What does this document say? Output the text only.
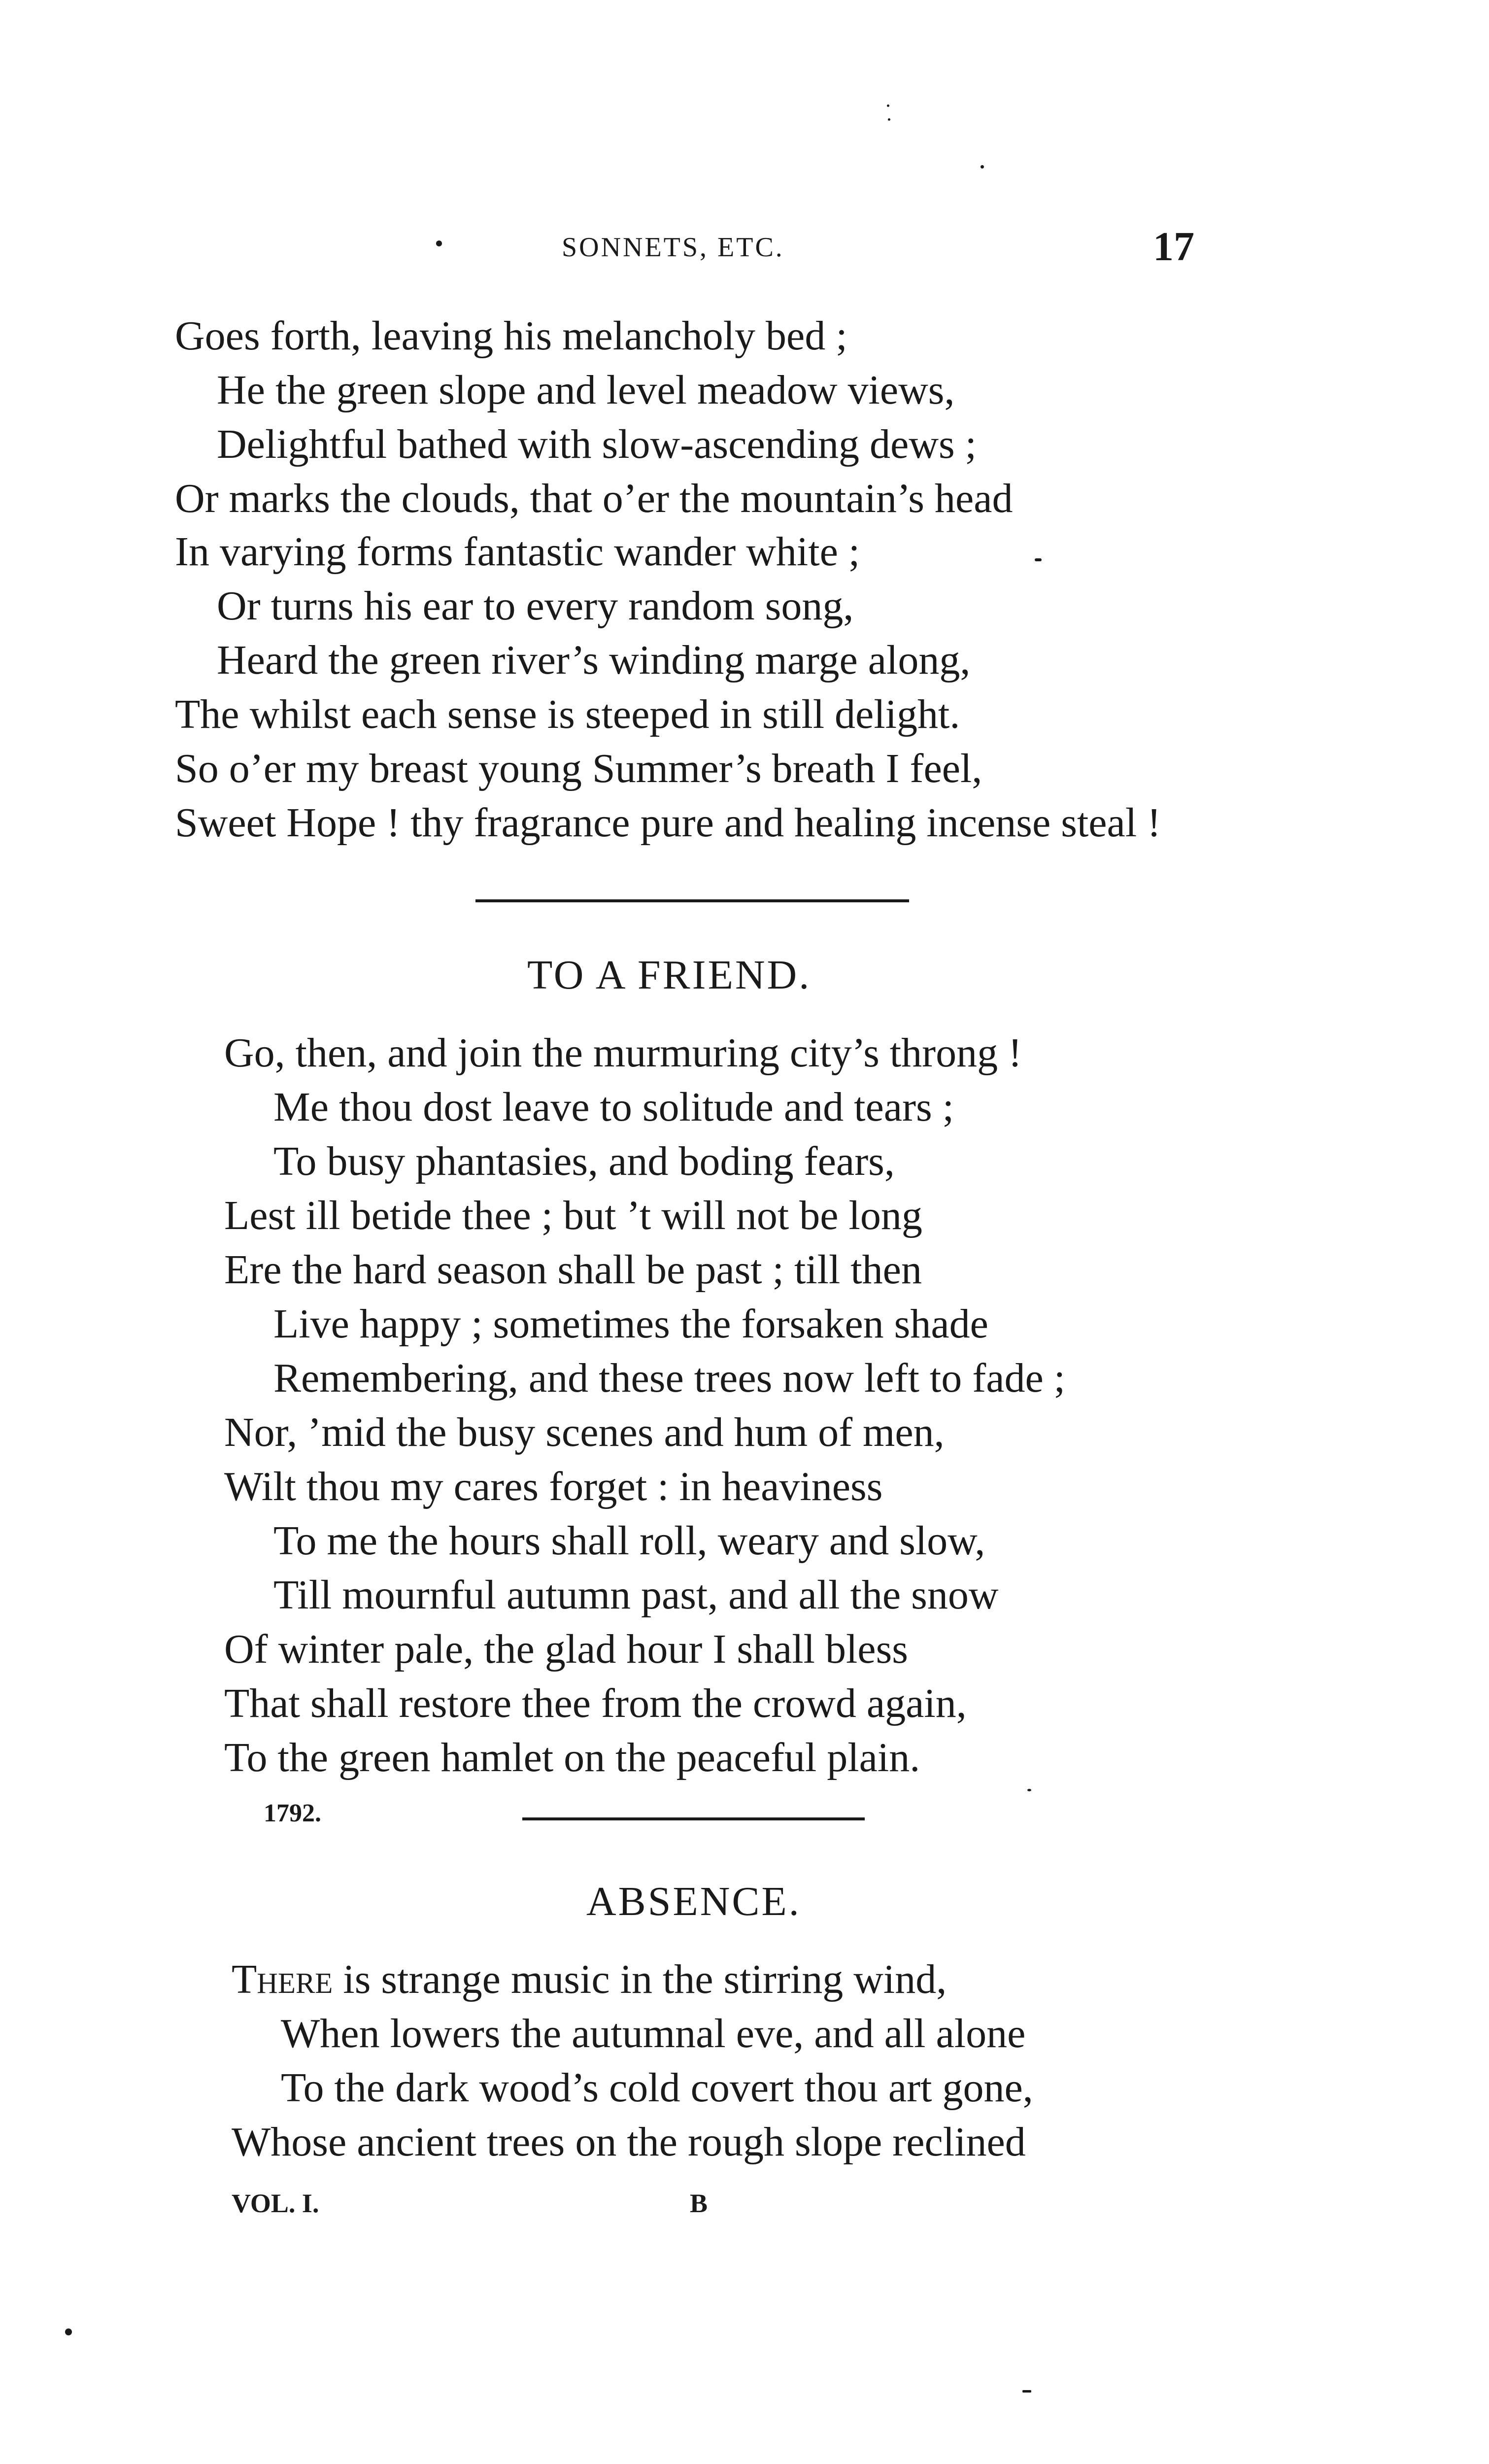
SONNETS, ETC.	17
Goes forth, leaving his melancholy bed ;
He the green slope and level meadow views,
Delightful bathed with slow-ascending dews ;
Or marks the clouds, that o’er the mountain’s head
In varying forms fantastic wander white ;
Or turns his ear to every random song,
Heard the green river’s winding marge along,
The whilst each sense is steeped in still delight.
So o’er my breast young Summer’s breath I feel,
Sweet Hope ! thy fragrance pure and healing incense steal !
TO A FRIEND.
Go, then, and join the murmuring city’s throng !
Me thou dost leave to solitude and tears ;
To busy phantasies, and boding fears,
Lest ill betide thee ; but ’t will not be long
Ere the hard season shall be past ; till then
Live happy ; sometimes the forsaken shade
Remembering, and these trees now left to fade ;
Nor, ’mid the busy scenes and hum of men,
Wilt thou my cares forget : in heaviness
To me the hours shall roll, weary and slow,
Till mournful autumn past, and all the snow
Of winter pale, the glad hour I shall bless
That shall restore thee from the crowd again,
To the green hamlet on the peaceful plain.
1792.
ABSENCE.
There is strange music in the stirring wind,
When lowers the autumnal eve, and all alone
To the dark wood’s cold covert thou art gone,
Whose ancient trees on the rough slope reclined
VOL. I.	B
